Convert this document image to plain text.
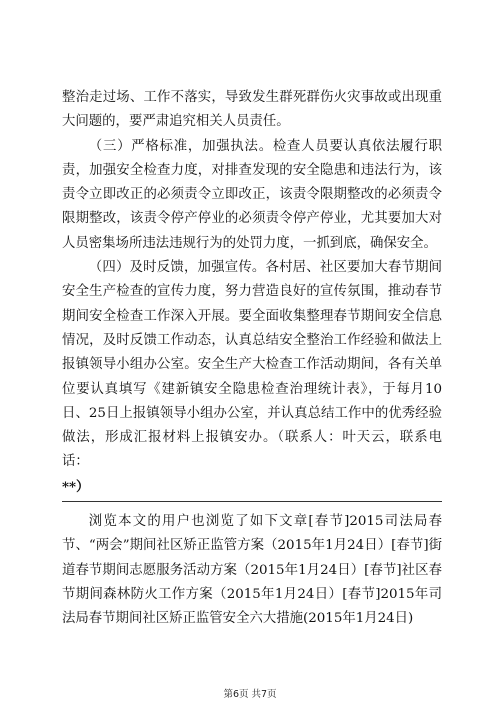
整治走过场、工作不落实，导致发生群死群伤火灾事故或出现重大问题的，要严肃追究相关人员责任。

（三）严格标准，加强执法。检查人员要认真依法履行职责，加强安全检查力度，对排查发现的安全隐患和违法行为，该责令立即改正的必须责令立即改正，该责令限期整改的必须责令限期整改，该责令停产停业的必须责令停产停业，尤其要加大对人员密集场所违法违规行为的处罚力度，一抓到底，确保安全。

（四）及时反馈，加强宣传。各村居、社区要加大春节期间安全生产检查的宣传力度，努力营造良好的宣传氛围，推动春节期间安全检查工作深入开展。要全面收集整理春节期间安全信息情况，及时反馈工作动态，认真总结安全整治工作经验和做法上报镇领导小组办公室。安全生产大检查工作活动期间，各有关单位要认真填写《建新镇安全隐患检查治理统计表》，于每月10日、25日上报镇领导小组办公室，并认真总结工作中的优秀经验做法，形成汇报材料上报镇安办。（联系人：叶天云，联系电话：

**）

浏览本文的用户也浏览了如下文章[春节]2015司法局春节、“两会”期间社区矫正监管方案（2015年1月24日）[春节]街道春节期间志愿服务活动方案（2015年1月24日）[春节]社区春节期间森林防火工作方案（2015年1月24日）[春节]2015年司法局春节期间社区矫正监管安全六大措施(2015年1月24日)

第6页 共7页
